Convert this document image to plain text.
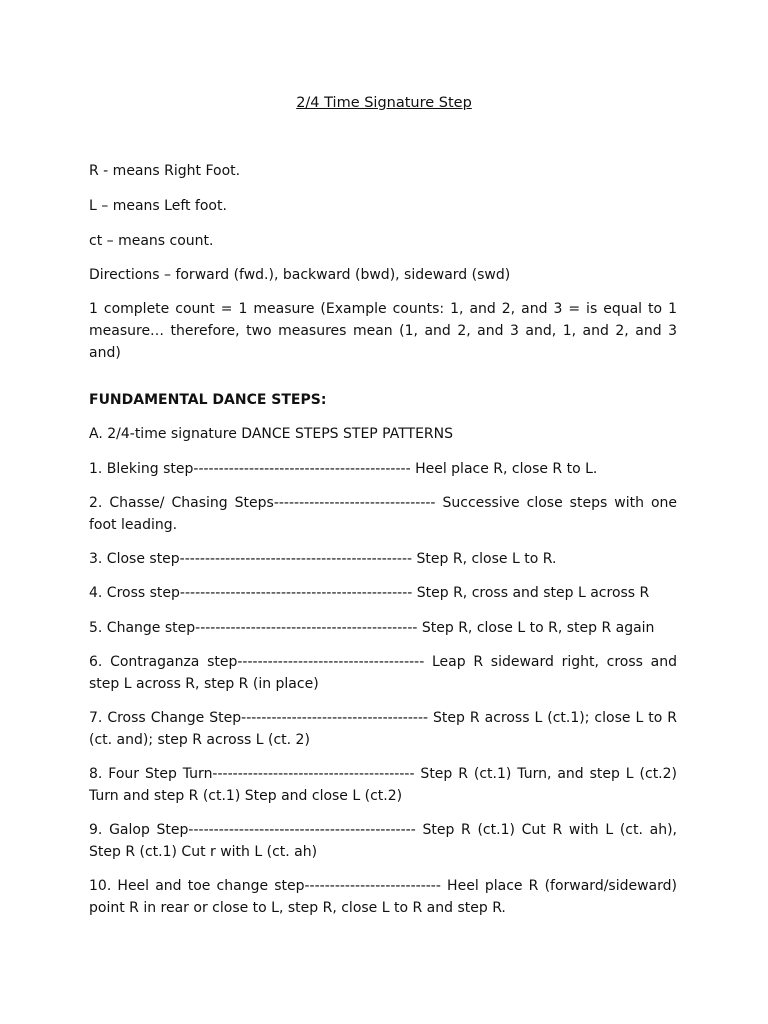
2/4 Time Signature Step

R - means Right Foot.

L – means Left foot.

ct – means count.

Directions – forward (fwd.), backward (bwd), sideward (swd)

1 complete count = 1 measure (Example counts: 1, and 2, and 3 = is equal to 1 measure… therefore, two measures mean (1, and 2, and 3 and, 1, and 2, and 3 and)

FUNDAMENTAL DANCE STEPS:

A. 2/4-time signature DANCE STEPS STEP PATTERNS

1. Bleking step------------------------------------------- Heel place R, close R to L.

2. Chasse/ Chasing Steps-------------------------------- Successive close steps with one foot leading.

3. Close step---------------------------------------------- Step R, close L to R.

4. Cross step---------------------------------------------- Step R, cross and step L across R

5. Change step-------------------------------------------- Step R, close L to R, step R again

6. Contraganza step------------------------------------- Leap R sideward right, cross and step L across R, step R (in place)

7. Cross Change Step------------------------------------- Step R across L (ct.1); close L to R (ct. and); step R across L (ct. 2)

8. Four Step Turn---------------------------------------- Step R (ct.1) Turn, and step L (ct.2) Turn and step R (ct.1) Step and close L (ct.2)

9. Galop Step--------------------------------------------- Step R (ct.1) Cut R with L (ct. ah), Step R (ct.1) Cut r with L (ct. ah)

10. Heel and toe change step--------------------------- Heel place R (forward/sideward) point R in rear or close to L, step R, close L to R and step R.
